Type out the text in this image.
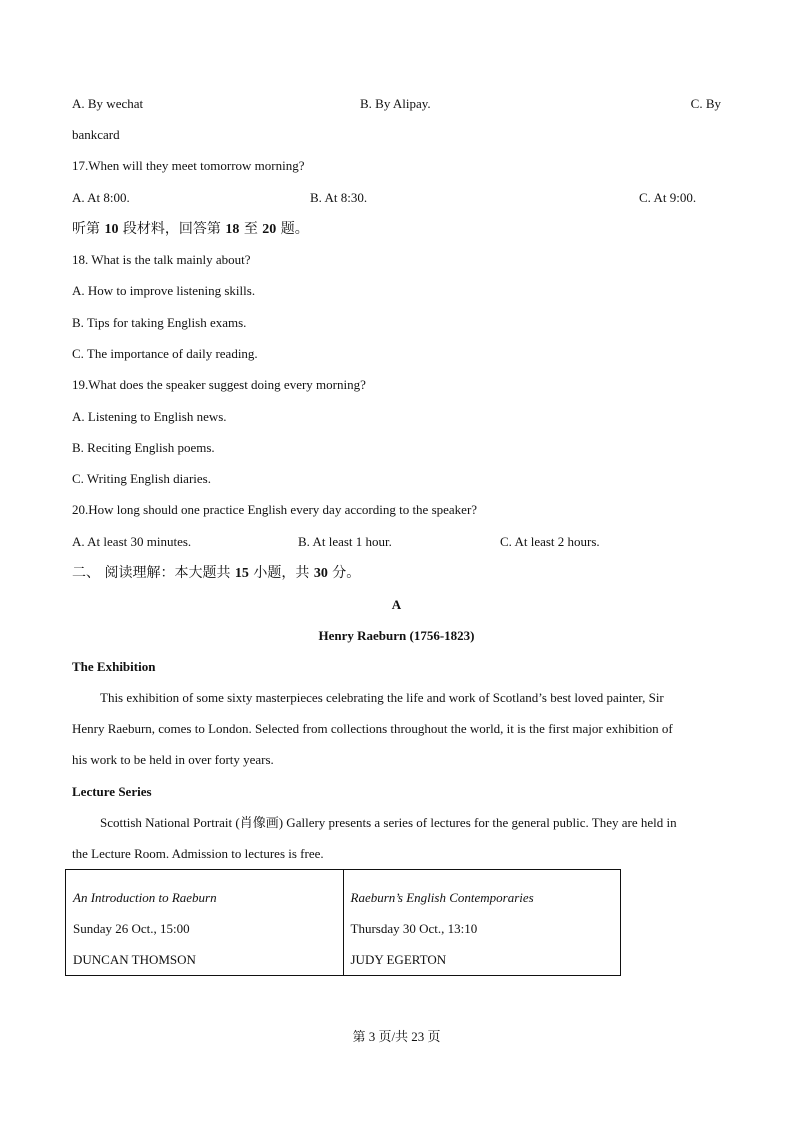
A. By wechat	B. By Alipay.	C. By
bankcard
17.When will they meet tomorrow morning?
A. At 8:00.	B. At 8:30.	C. At 9:00.
听第 10 段材料，回答第 18 至 20 题。
18. What is the talk mainly about?
A. How to improve listening skills.
B. Tips for taking English exams.
C. The importance of daily reading.
19.What does the speaker suggest doing every morning?
A. Listening to English news.
B. Reciting English poems.
C. Writing English diaries.
20.How long should one practice English every day according to the speaker?
A. At least 30 minutes.	B. At least 1 hour.	C. At least 2 hours.
二、 阅读理解：本大题共 15 小题，共 30 分。
A
Henry Raeburn (1756-1823)
The Exhibition
This exhibition of some sixty masterpieces celebrating the life and work of Scotland’s best loved painter, Sir
Henry Raeburn, comes to London. Selected from collections throughout the world, it is the first major exhibition of
his work to be held in over forty years.
Lecture Series
Scottish National Portrait (肖像画) Gallery presents a series of lectures for the general public. They are held in
the Lecture Room. Admission to lectures is free.
An Introduction to Raeburn
Sunday 26 Oct., 15:00
DUNCAN THOMSON

Raeburn’s English Contemporaries
Thursday 30 Oct., 13:10
JUDY EGERTON
第 3 页/共 23 页
